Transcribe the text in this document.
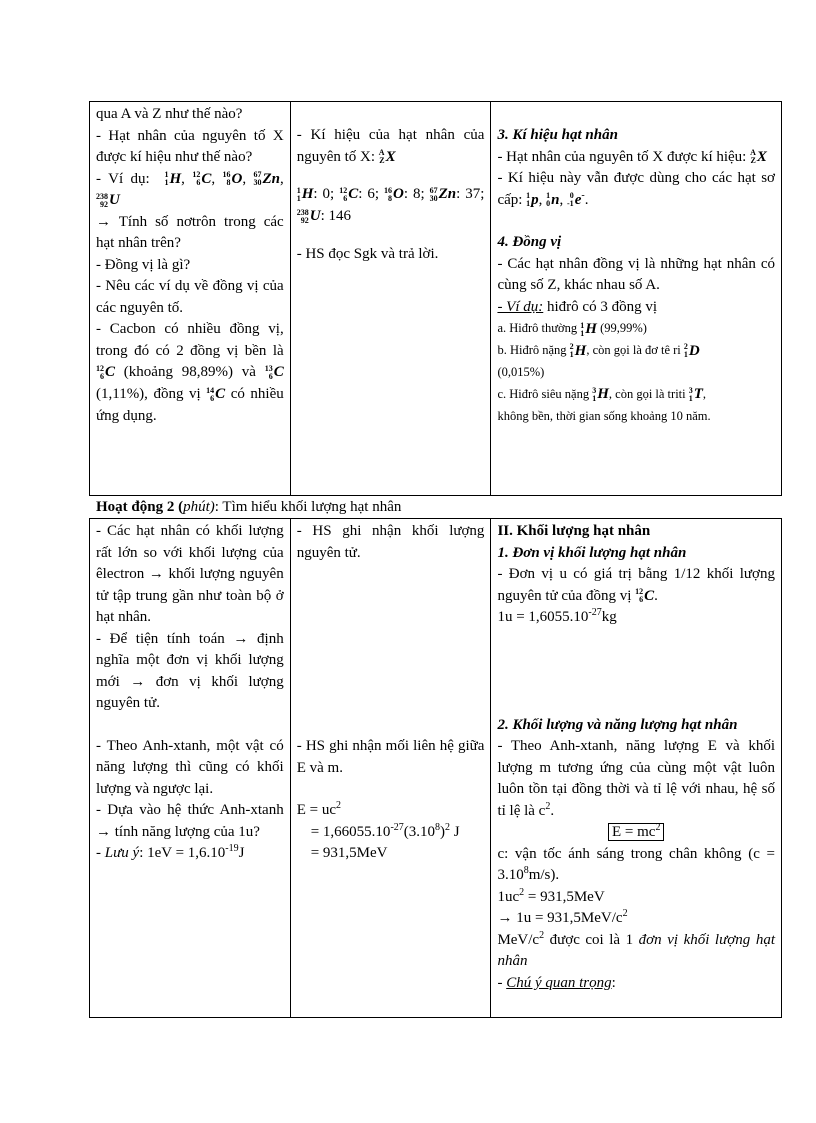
qua A và Z như thế nào?

- Hạt nhân của nguyên tố X được kí hiệu như thế nào?

- Ví dụ: 1
1 H, 12
6 C, 16
8 O, 67
30 Zn,
238
92 U

→ Tính số nơtrôn trong các hạt nhân trên?

- Đồng vị là gì?

- Nêu các ví dụ về đồng vị của các nguyên tố.

- Cacbon có nhiều đồng vị, trong đó có 2 đồng vị bền là
12
6 C (khoảng 98,89%) và 13
6 C(1,11%), đồng vị 14
6 C có nhiều ứng dụng.

- Kí hiệu của hạt nhân của nguyên tố X: A
Z X

1
1 H: 0; 12
6 C: 6; 16
8 O: 8; 67
30 Zn: 37;
238
92 U: 146

- HS đọc Sgk và trả lời.

3. Kí hiệu hạt nhân

- Hạt nhân của nguyên tố X được kí hiệu: A
Z X

- Kí hiệu này vẫn được dùng cho các hạt sơ cấp: 1
1 p, 1
0 n, 0
-1 e-.

4. Đồng vị

- Các hạt nhân đồng vị là những hạt nhân có cùng số Z, khác nhau số A.

- Ví dụ: hiđrô có 3 đồng vị

a. Hiđrô thường 1
1 H (99,99%)

b. Hiđrô nặng 2
1 H, còn gọi là đơ tê ri 2
1 D
(0,015%)

c. Hiđrô siêu nặng 3
1 H, còn gọi là triti 3
1 T,
không bền, thời gian sống khoảng 10 năm.

Hoạt động 2 (phút): Tìm hiểu khối lượng hạt nhân

- Các hạt nhân có khối lượng rất lớn so với khối lượng của êlectron → khối lượng nguyên tử tập trung gần như toàn bộ ở hạt nhân.

- Để tiện tính toán → định nghĩa một đơn vị khối lượng mới → đơn vị khối lượng nguyên tử.

- Theo Anh-xtanh, một vật có năng lượng thì cũng có khối lượng và ngược lại.

- Dựa vào hệ thức Anh-xtanh → tính năng lượng của 1u?

- Lưu ý: $1eV = 1,6.10^{-19}J$

- HS ghi nhận khối lượng nguyên tử.

- HS ghi nhận mối liên hệ giữa E và m.

$E = uc^2$

= $1,66055.10^{-27}(3.10^8)^2$ J

= 931,5MeV

II. Khối lượng hạt nhân

1. Đơn vị khối lượng hạt nhân

- Đơn vị u có giá trị bằng 1/12 khối lượng nguyên tử của đồng vị 12
6 C.

$1u = 1,6055.10^{-27}kg$

2. Khối lượng và năng lượng hạt nhân

- Theo Anh-xtanh, năng lượng E và khối lượng m tương ứng của cùng một vật luôn luôn tồn tại đồng thời và tỉ lệ với nhau, hệ số tỉ lệ là $c^2$.

$E = mc^2$

c: vận tốc ánh sáng trong chân không $(c = 3.10^8m/s)$.

$1uc^2 = 931,5MeV$

→ $1u = 931,5MeV/c^2$

MeV/$c^2$ được coi là 1 đơn vị khối lượng hạt nhân

- Chú ý quan trọng:
